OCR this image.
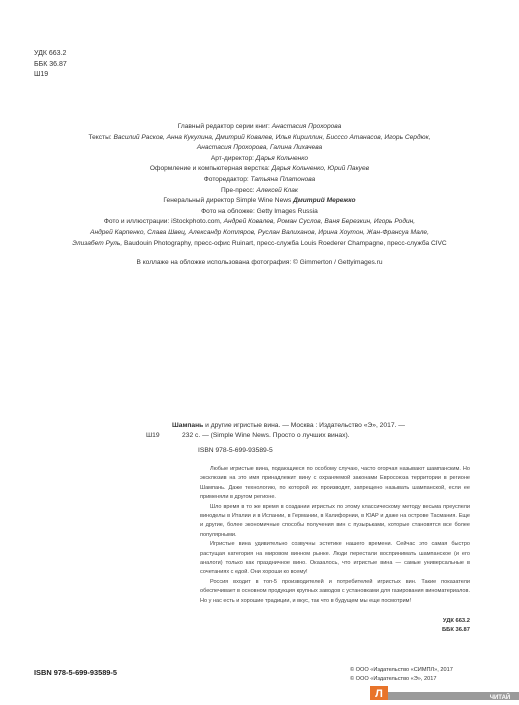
УДК 663.2
ББК 36.87
Ш19
Главный редактор серии книг: Анастасия Прохорова
Тексты: Василий Расков, Анна Кукулина, Дмитрий Ковалев, Илья Кириллин, Бисссо Атанасов, Игорь Сердюк,
Анастасия Прохорова, Галина Лихачева
Арт-директор: Дарья Кольченко
Оформление и компьютерная верстка: Дарья Кольченко, Юрий Пакуев
Фоторедактор: Татьяна Платонова
Пре-пресс: Алексей Клак
Генеральный директор Simple Wine News Дмитрий Мережко
Фото на обложке: Getty Images Russia
Фото и иллюстрации: iStockphoto.com, Андрей Ковалев, Роман Суслов, Ваня Березкин, Игорь Родин,
Андрей Карпенко, Слава Швец, Александр Котляров, Руслан Валиханов, Ирина Хоутон, Жан-Франсуа Мале,
Элизабет Руль, Baudouin Photography, пресс-офис Ruinart, пресс-служба Louis Roederer Champagne, пресс-служба CIVC
В коллаже на обложке использована фотография: © Gimmerton / Gettyimages.ru
Шампань и другие игристые вина. — Москва : Издательство «Э», 2017. —
Ш19	232 с. — (Simple Wine News. Просто о лучших винах).
ISBN 978-5-699-93589-5

Любые игристые вина, подающиеся по особому случаю, часто огорчая называют шампанским. Но эксклюзив на это имя принадлежит вину с охраняемой законами Евросоюза территории в регионе Шампань. Даже технологию, по которой их производят, запрещено называть шампанской, если ее применяли в другом регионе.

Шло время в то же время в создании игристых по этому классическому методу весьма преуспели виноделы в Италии и в Испании, в Германии, в Калифорнии, в ЮАР и даже на острове Тасмания. Еще и другие, более экономичные способы получения вин с пузырьками, которые становятся все более популярными.

Игристые вина удивительно созвучны эстетике нашего времени. Сейчас это самая быстро растущая категория на мировом винном рынке. Люди перестали воспринимать шампанское (и его аналоги) только как праздничное вино. Оказалось, что игристые вина — самые универсальные в сочетаниях с едой. Они хороши ко всему!

Россия входит в топ-5 производителей и потребителей игристых вин. Такие показатели обеспечивает в основном продукция крупных заводов с установками для газирования виноматериалов. Но у нас есть и хорошие традиции, и вкус, так что в будущем мы еще посмотрим!

УДК 663.2
ББК 36.87
ISBN 978-5-699-93589-5	© ООО «Издательство «СИМПЛ», 2017
© ООО «Издательство «Э», 2017
Л	ЧИТАЙ
